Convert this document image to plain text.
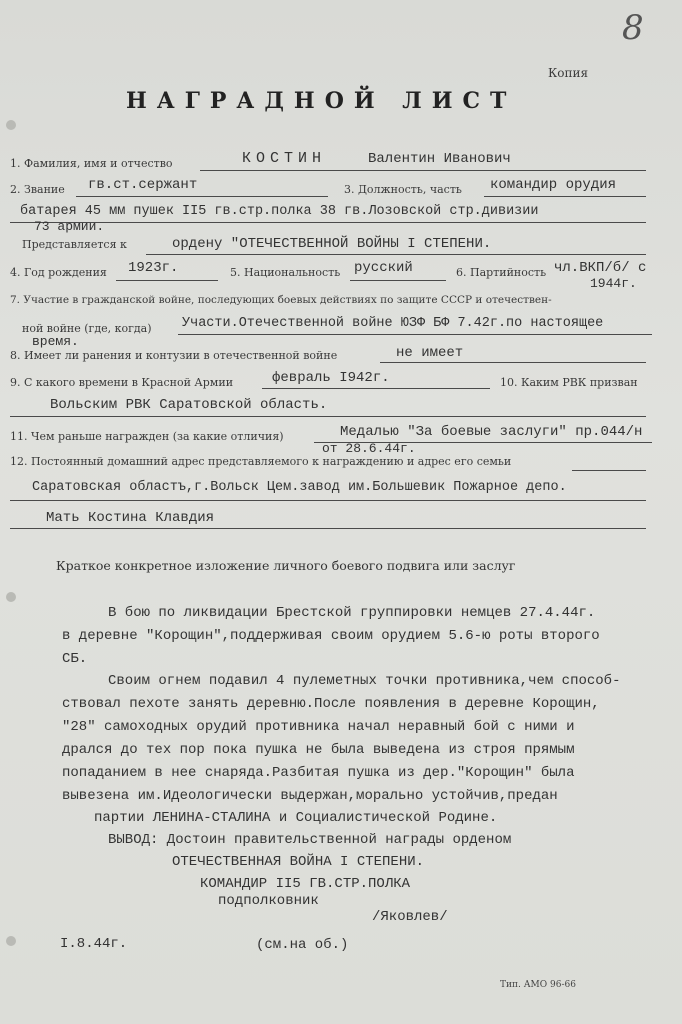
8
Копия
НАГРАДНОЙ ЛИСТ
1. Фамилия, имя и отчество	КОСТИН	Валентин Иванович
2. Звание гв.ст.сержант	3. Должность, часть командир орудия
батарея 45 мм пушек II5 гв.стр.полка 38 гв.Лозовской стр.дивизии
73 армии.
Представляется к	ордену "ОТЕЧЕСТВЕННОЙ ВОЙНЫ I СТЕПЕНИ.
4. Год рождения 1923г.	5. Национальность русский	6. Партийность чл.ВКП/б/ с
1944г.
7. Участие в гражданской войне, последующих боевых действиях по защите СССР и отечествен-
ной войне (где, когда) Участи.Отечественной войне ЮЗФ БФ 7.42г.по настоящее
время.
8. Имеет ли ранения и контузии в отечественной войне	не имеет
9. С какого времени в Красной Армии	февраль I942г.	10. Каким РВК призван
Вольским РВК Саратовской область.
11. Чем раньше награжден (за какие отличия)	Медалью "За боевые заслуги" пр.044/н
от 28.6.44г.
12. Постоянный домашний адрес представляемого к награждению и адрес его семьи
Саратовская областъ,г.Вольск Цем.завод им.Большевик Пожарное депо.
Мать Костина Клавдия
Краткое конкретное изложение личного боевого подвига или заслуг
В бою по ликвидации Брестской группировки немцев 27.4.44г.
в деревне "Корощин",поддерживая своим орудием 5.6-ю роты второго
СБ.
Своим огнем подавил 4 пулеметных точки противника,чем способ-
ствовал пехоте занять деревню.После появления в деревне Корощин,
"28" самоходных орудий противника начал неравный бой с ними и
дрался до тех пор пока пушка не была выведена из строя прямым
попаданием в нее снаряда.Разбитая пушка из дер."Корощин" была
вывезена им.Идеологически выдержан,морально устойчив,предан
партии ЛЕНИНА-СТАЛИНА и Социалистической Родине.
ВЫВОД: Достоин правительственной награды орденом
ОТЕЧЕСТВЕННАЯ ВОЙНА I СТЕПЕНИ.
КОМАНДИР II5 ГВ.СТР.ПОЛКА
подполковник
/Яковлев/
I.8.44г.	(см.на об.)
Тип. АМО 96-66
